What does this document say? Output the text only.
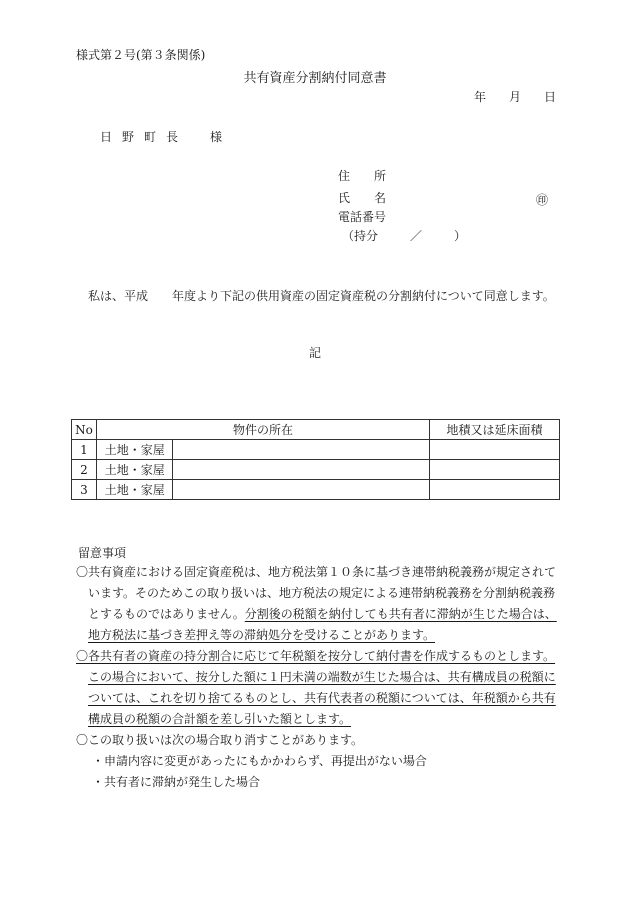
様式第２号(第３条関係)
共有資産分割納付同意書
年 月 日
日野町長　様
住　　所
氏　　名	㊞
電話番号
（持分	／	）
私は、平成　　年度より下記の供用資産の固定資産税の分割納付について同意します。
記
No	物件の所在		地積又は延床面積
1	土地・家屋		
2	土地・家屋		
3	土地・家屋		
留意事項
〇共有資産における固定資産税は、地方税法第１０条に基づき連帯納税義務が規定されて
います。そのためこの取り扱いは、地方税法の規定による連帯納税義務を分割納税義務
とするものではありません。分割後の税額を納付しても共有者に滞納が生じた場合は、
地方税法に基づき差押え等の滞納処分を受けることがあります。
〇各共有者の資産の持分割合に応じて年税額を按分して納付書を作成するものとします。
この場合において、按分した額に１円未満の端数が生じた場合は、共有構成員の税額に
ついては、これを切り捨てるものとし、共有代表者の税額については、年税額から共有
構成員の税額の合計額を差し引いた額とします。
〇この取り扱いは次の場合取り消すことがあります。
・申請内容に変更があったにもかかわらず、再提出がない場合
・共有者に滞納が発生した場合
